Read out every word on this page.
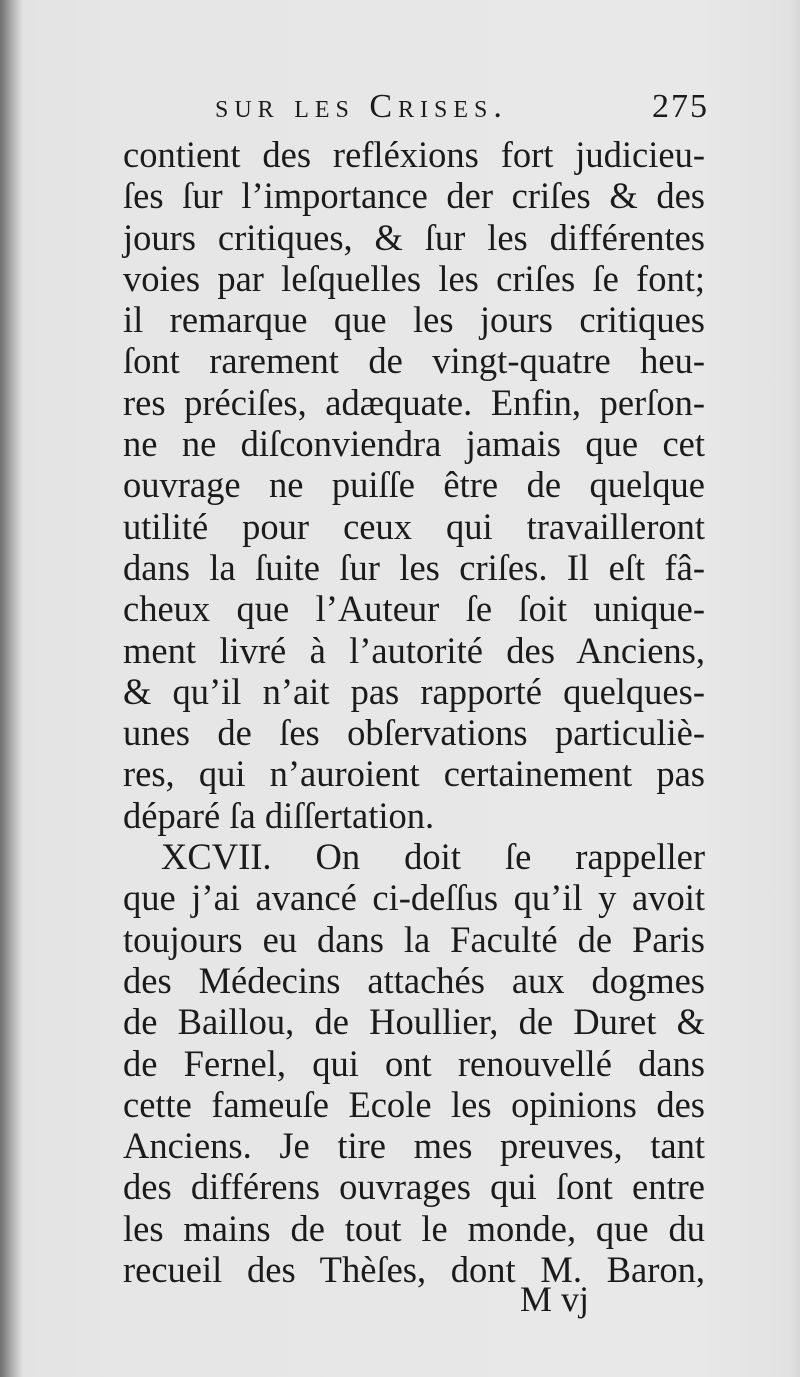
sur les Crises.	275
contient des refléxions fort judicieu-
ſes ſur l’importance der criſes & des
jours critiques, & ſur les différentes
voies par leſquelles les criſes ſe font;
il remarque que les jours critiques
ſont rarement de vingt-quatre heu-
res préciſes, adæquate. Enfin, perſon-
ne ne diſconviendra jamais que cet
ouvrage ne puiſſe être de quelque
utilité pour ceux qui travailleront
dans la ſuite ſur les criſes. Il eſt fâ-
cheux que l’Auteur ſe ſoit unique-
ment livré à l’autorité des Anciens,
& qu’il n’ait pas rapporté quelques-
unes de ſes obſervations particuliè-
res, qui n’auroient certainement pas
déparé ſa diſſertation.
XCVII. On doit ſe rappeller
que j’ai avancé ci-deſſus qu’il y avoit
toujours eu dans la Faculté de Paris
des Médecins attachés aux dogmes
de Baillou, de Houllier, de Duret &
de Fernel, qui ont renouvellé dans
cette fameuſe Ecole les opinions des
Anciens. Je tire mes preuves, tant
des différens ouvrages qui ſont entre
les mains de tout le monde, que du
recueil des Thèſes, dont M. Baron,
M vj
